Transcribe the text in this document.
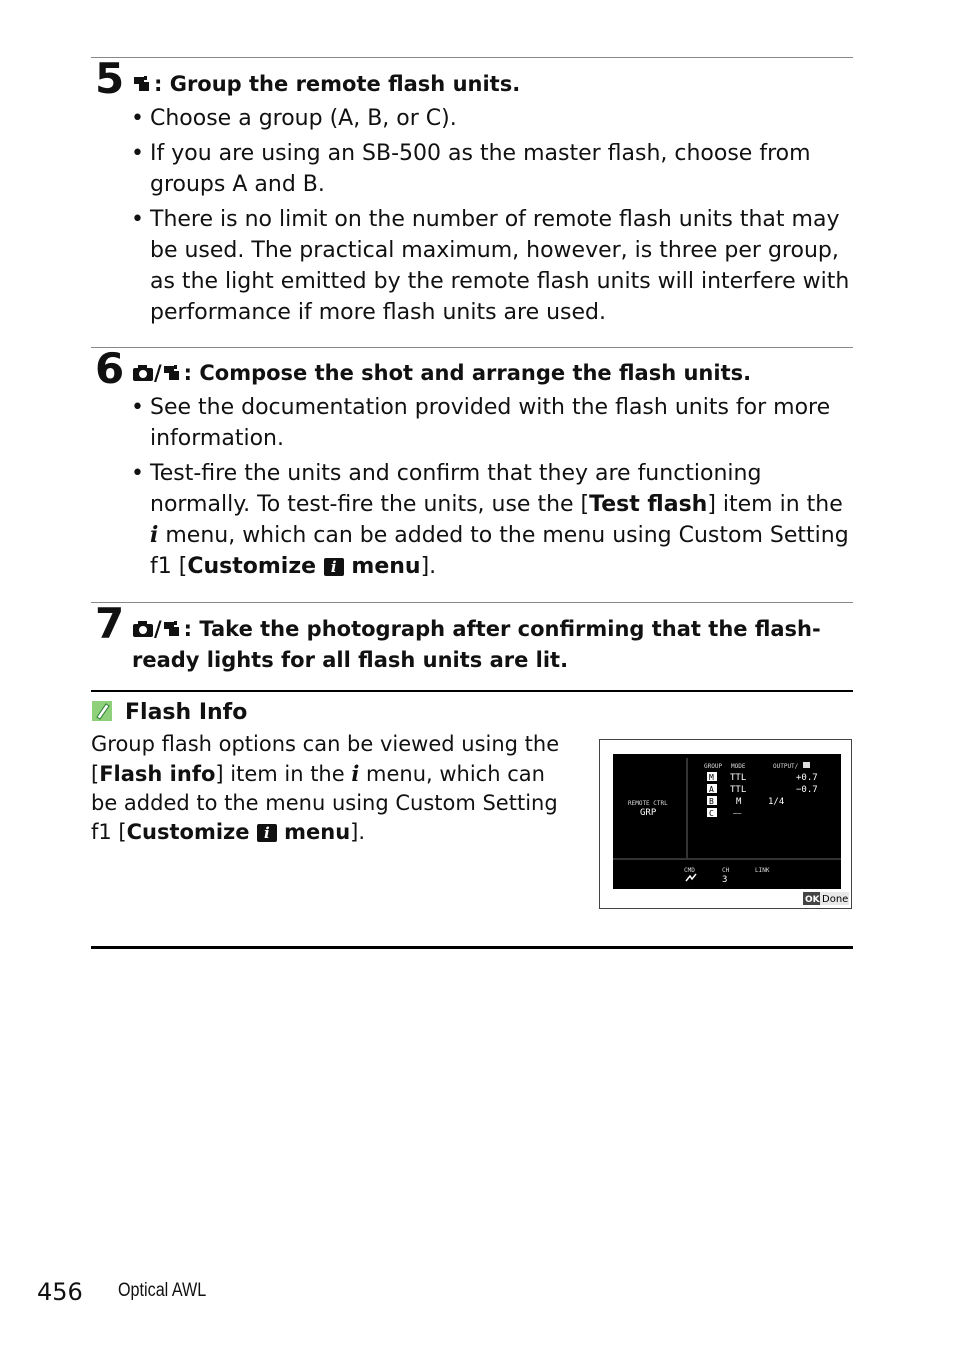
5	: Group the remote flash units.
• Choose a group (A, B, or C).
• If you are using an SB-500 as the master flash, choose from groups A and B.
• There is no limit on the number of remote flash units that may be used. The practical maximum, however, is three per group, as the light emitted by the remote flash units will interfere with performance if more flash units are used.
6	/ : Compose the shot and arrange the flash units.
• See the documentation provided with the flash units for more information.
• Test-fire the units and confirm that they are functioning normally. To test-fire the units, use the [Test flash] item in the i menu, which can be added to the menu using Custom Setting f1 [Customize i menu].
7	/ : Take the photograph after confirming that the flash-ready lights for all flash units are lit.
Flash Info
Group flash options can be viewed using the [Flash info] item in the i menu, which can be added to the menu using Custom Setting f1 [Customize i menu].
REMOTE CTRL
GRP
GROUP MODE	OUTPUT/
M TTL	+0.7
A TTL	−0.7
B M	1/4
C	——
CMD	CH
3
LINK
OK Done
456 Optical AWL
